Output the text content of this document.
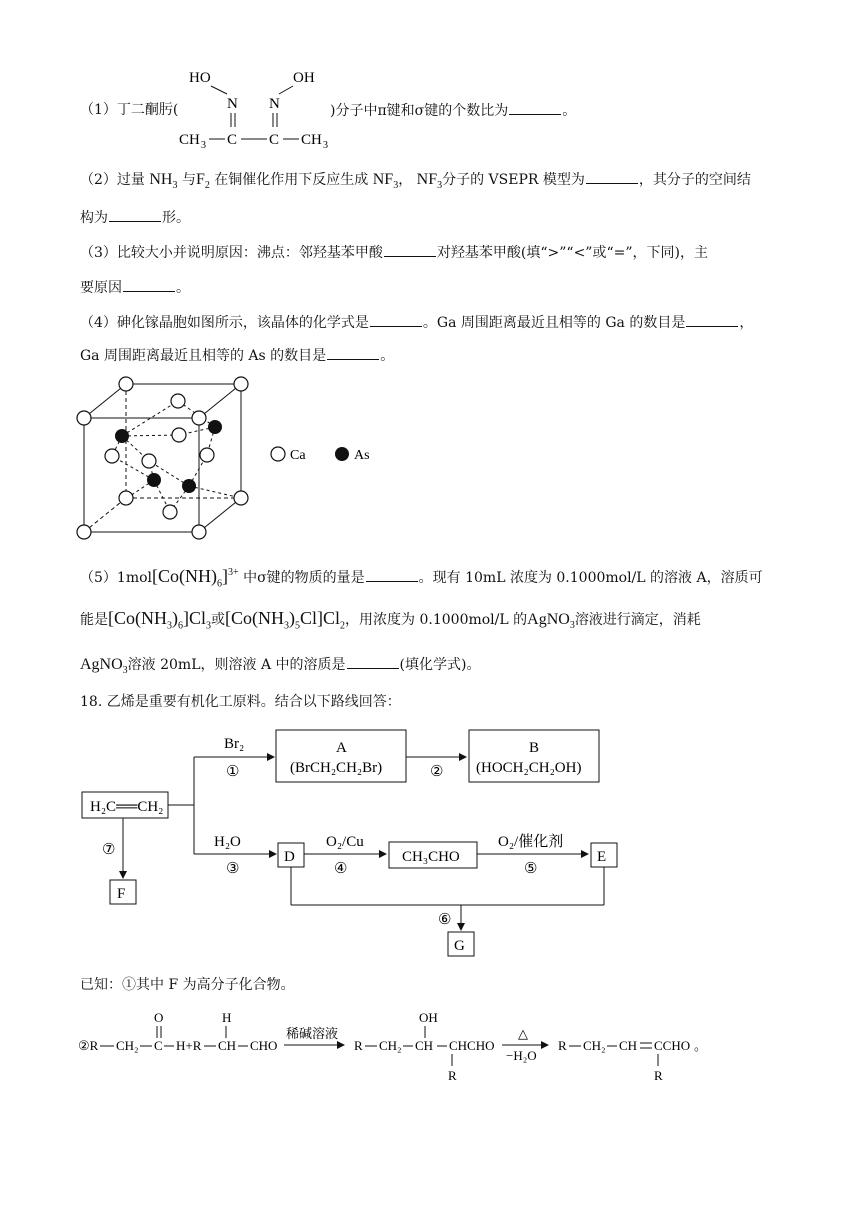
（1）丁二酮肟(
HO	OH
N N
CH 3 C C CH 3
)分子中π键和σ键的个数比为	。
（2）过量 $NH_3$ 与$F_2$ 在铜催化作用下反应生成 $NF_3$， $NF_3$分子的 VSEPR 模型为	，其分子的空间结
构为	形。
（3）比较大小并说明原因：沸点：邻羟基苯甲酸	对羟基苯甲酸(填“>”“<”或“=”，下同)，主
要原因	。
（4）砷化镓晶胞如图所示，该晶体的化学式是	。Ga 周围距离最近且相等的 Ga 的数目是	，
Ga 周围距离最近且相等的 As 的数目是	。
Ca	As
$(5)1mol[Co(NH)_6]^{3+}$ 中σ键的物质的量是	。现有 10mL 浓度为 0.1000mol/L 的溶液 A，溶质可
能是$[Co(NH_3)_6]Cl_3$或$[Co(NH_3)_5Cl]Cl_2$，用浓度为 0.1000mol/L 的AgNO$_3$溶液进行滴定，消耗
AgNO$_3$溶液 20mL，则溶液 A 中的溶质是	(填化学式)。
18. 乙烯是重要有机化工原料。结合以下路线回答：
H₂C══CH₂
Br₂
①
A
(BrCH₂CH₂Br)	②
B
(HOCH₂CH₂OH)
H₂O
③
D
O₂/Cu
④
CH₃CHO
O₂/催化剂
⑤
E
⑥
G
⑦
F
已知：①其中 F 为高分子化合物。
②R CH₂
O
C H+R
H
CH CHO
稀碱溶液
R CH₂
OH
CH CHCHO
R
△
−H₂O
R CH₂ CH CCHO
R
。
